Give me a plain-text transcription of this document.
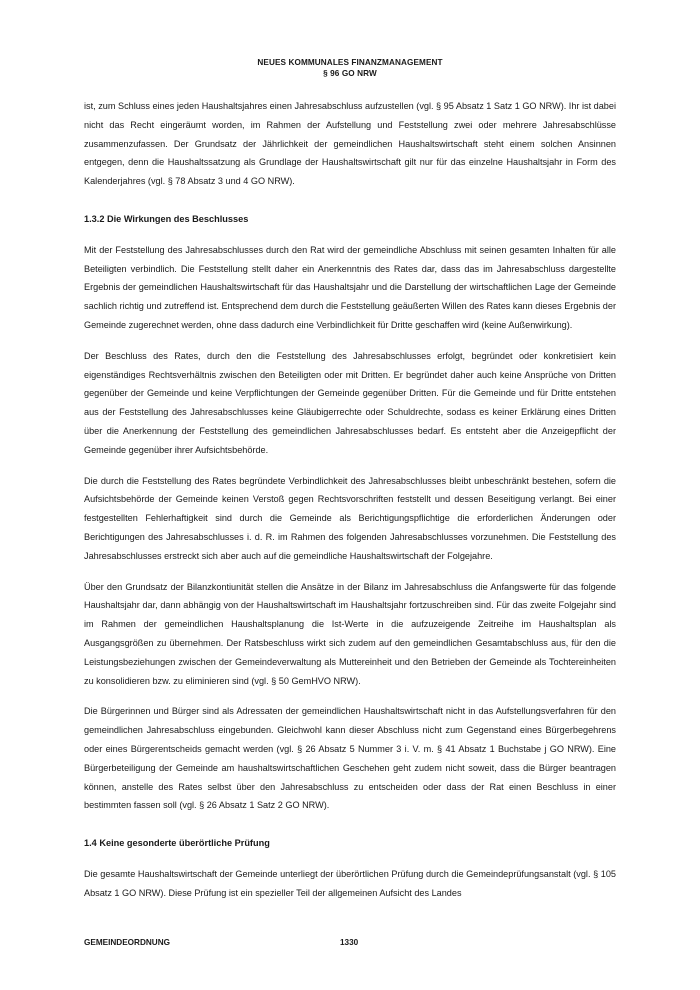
NEUES KOMMUNALES FINANZMANAGEMENT
§ 96 GO NRW

ist, zum Schluss eines jeden Haushaltsjahres einen Jahresabschluss aufzustellen (vgl. § 95 Absatz 1 Satz 1 GO NRW). Ihr ist dabei nicht das Recht eingeräumt worden, im Rahmen der Aufstellung und Feststellung zwei oder mehrere Jahresabschlüsse zusammenzufassen. Der Grundsatz der Jährlichkeit der gemeindlichen Haushaltswirtschaft steht einem solchen Ansinnen entgegen, denn die Haushaltssatzung als Grundlage der Haushaltswirtschaft gilt nur für das einzelne Haushaltsjahr in Form des Kalenderjahres (vgl. § 78 Absatz 3 und 4 GO NRW).

1.3.2 Die Wirkungen des Beschlusses

Mit der Feststellung des Jahresabschlusses durch den Rat wird der gemeindliche Abschluss mit seinen gesamten Inhalten für alle Beteiligten verbindlich. Die Feststellung stellt daher ein Anerkenntnis des Rates dar, dass das im Jahresabschluss dargestellte Ergebnis der gemeindlichen Haushaltswirtschaft für das Haushaltsjahr und die Darstellung der wirtschaftlichen Lage der Gemeinde sachlich richtig und zutreffend ist. Entsprechend dem durch die Feststellung geäußerten Willen des Rates kann dieses Ergebnis der Gemeinde zugerechnet werden, ohne dass dadurch eine Verbindlichkeit für Dritte geschaffen wird (keine Außenwirkung).

Der Beschluss des Rates, durch den die Feststellung des Jahresabschlusses erfolgt, begründet oder konkretisiert kein eigenständiges Rechtsverhältnis zwischen den Beteiligten oder mit Dritten. Er begründet daher auch keine Ansprüche von Dritten gegenüber der Gemeinde und keine Verpflichtungen der Gemeinde gegenüber Dritten. Für die Gemeinde und für Dritte entstehen aus der Feststellung des Jahresabschlusses keine Gläubigerrechte oder Schuldrechte, sodass es keiner Erklärung eines Dritten über die Anerkennung der Feststellung des gemeindlichen Jahresabschlusses bedarf. Es entsteht aber die Anzeigepflicht der Gemeinde gegenüber ihrer Aufsichtsbehörde.

Die durch die Feststellung des Rates begründete Verbindlichkeit des Jahresabschlusses bleibt unbeschränkt bestehen, sofern die Aufsichtsbehörde der Gemeinde keinen Verstoß gegen Rechtsvorschriften feststellt und dessen Beseitigung verlangt. Bei einer festgestellten Fehlerhaftigkeit sind durch die Gemeinde als Berichtigungspflichtige die erforderlichen Änderungen oder Berichtigungen des Jahresabschlusses i. d. R. im Rahmen des folgenden Jahresabschlusses vorzunehmen. Die Feststellung des Jahresabschlusses erstreckt sich aber auch auf die gemeindliche Haushaltswirtschaft der Folgejahre.

Über den Grundsatz der Bilanzkontiunität stellen die Ansätze in der Bilanz im Jahresabschluss die Anfangswerte für das folgende Haushaltsjahr dar, dann abhängig von der Haushaltswirtschaft im Haushaltsjahr fortzuschreiben sind. Für das zweite Folgejahr sind im Rahmen der gemeindlichen Haushaltsplanung die Ist-Werte in die aufzuzeigende Zeitreihe im Haushaltsplan als Ausgangsgrößen zu übernehmen. Der Ratsbeschluss wirkt sich zudem auf den gemeindlichen Gesamtabschluss aus, für den die Leistungsbeziehungen zwischen der Gemeindeverwaltung als Muttereinheit und den Betrieben der Gemeinde als Tochtereinheiten zu konsolidieren bzw. zu eliminieren sind (vgl. § 50 GemHVO NRW).

Die Bürgerinnen und Bürger sind als Adressaten der gemeindlichen Haushaltswirtschaft nicht in das Aufstellungsverfahren für den gemeindlichen Jahresabschluss eingebunden. Gleichwohl kann dieser Abschluss nicht zum Gegenstand eines Bürgerbegehrens oder eines Bürgerentscheids gemacht werden (vgl. § 26 Absatz 5 Nummer 3 i. V. m. § 41 Absatz 1 Buchstabe j GO NRW). Eine Bürgerbeteiligung der Gemeinde am haushaltswirtschaftlichen Geschehen geht zudem nicht soweit, dass die Bürger beantragen können, anstelle des Rates selbst über den Jahresabschluss zu entscheiden oder dass der Rat einen Beschluss in einer bestimmten fassen soll (vgl. § 26 Absatz 1 Satz 2 GO NRW).

1.4 Keine gesonderte überörtliche Prüfung

Die gesamte Haushaltswirtschaft der Gemeinde unterliegt der überörtlichen Prüfung durch die Gemeindeprüfungsanstalt (vgl. § 105 Absatz 1 GO NRW). Diese Prüfung ist ein spezieller Teil der allgemeinen Aufsicht des Landes

GEMEINDEORDNUNG	1330
